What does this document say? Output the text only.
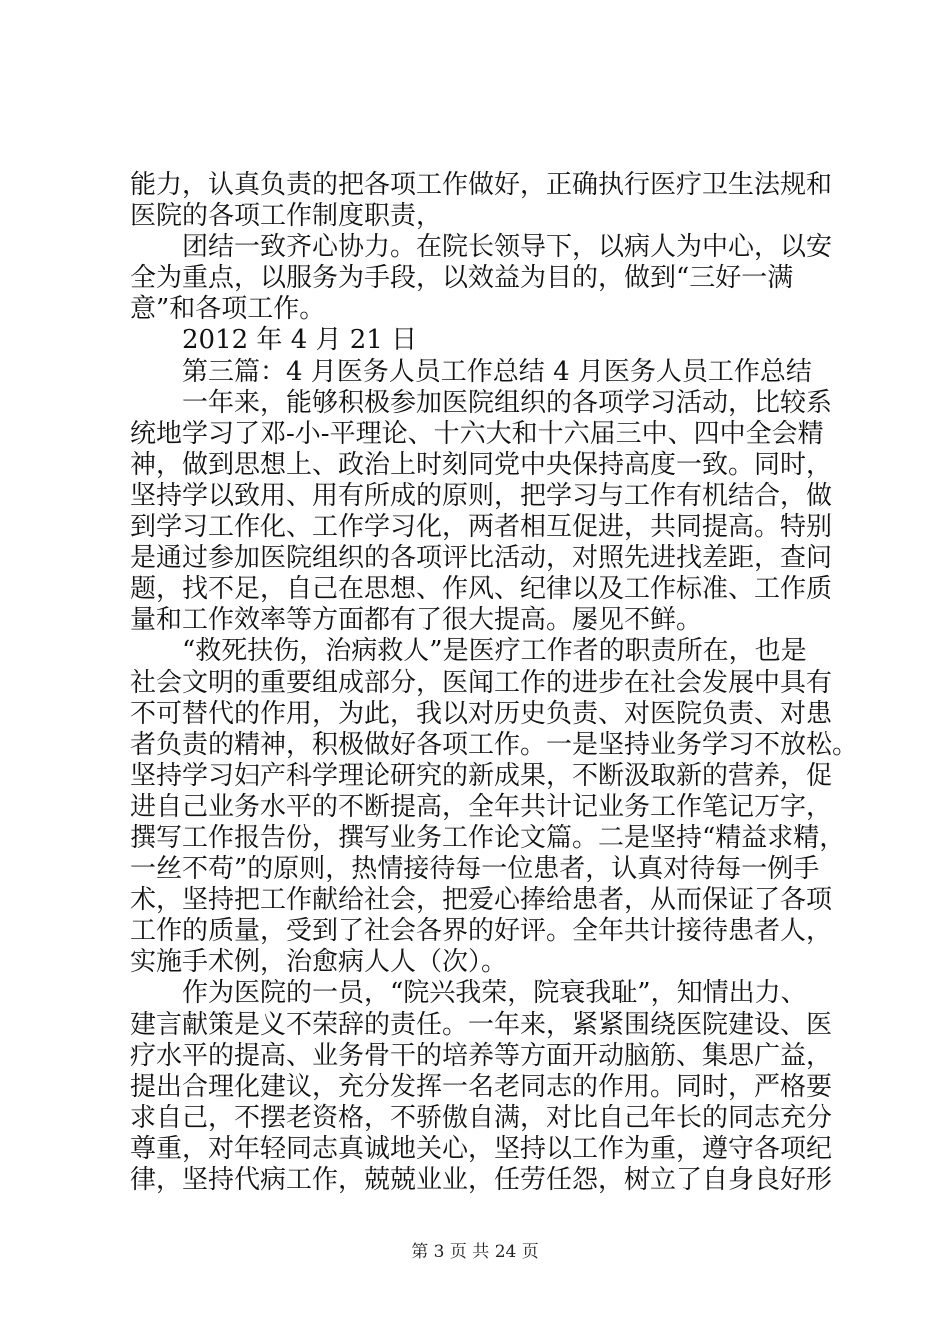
能力，认真负责的把各项工作做好，正确执行医疗卫生法规和
医院的各项工作制度职责，
团结一致齐心协力。在院长领导下，以病人为中心，以安
全为重点，以服务为手段，以效益为目的，做到“三好一满
意”和各项工作。
2012 年 4 月 21 日
第三篇：4 月医务人员工作总结 4 月医务人员工作总结
一年来，能够积极参加医院组织的各项学习活动，比较系
统地学习了邓-小-平理论、十六大和十六届三中、四中全会精
神，做到思想上、政治上时刻同党中央保持高度一致。同时，
坚持学以致用、用有所成的原则，把学习与工作有机结合，做
到学习工作化、工作学习化，两者相互促进，共同提高。特别
是通过参加医院组织的各项评比活动，对照先进找差距，查问
题，找不足，自己在思想、作风、纪律以及工作标准、工作质
量和工作效率等方面都有了很大提高。屡见不鲜。
“救死扶伤，治病救人”是医疗工作者的职责所在，也是
社会文明的重要组成部分，医闻工作的进步在社会发展中具有
不可替代的作用，为此，我以对历史负责、对医院负责、对患
者负责的精神，积极做好各项工作。一是坚持业务学习不放松。
坚持学习妇产科学理论研究的新成果，不断汲取新的营养，促
进自己业务水平的不断提高，全年共计记业务工作笔记万字，
撰写工作报告份，撰写业务工作论文篇。二是坚持“精益求精，
一丝不苟”的原则，热情接待每一位患者，认真对待每一例手
术，坚持把工作献给社会，把爱心捧给患者，从而保证了各项
工作的质量，受到了社会各界的好评。全年共计接待患者人，
实施手术例，治愈病人人（次）。
作为医院的一员，“院兴我荣，院衰我耻”，知情出力、
建言献策是义不荣辞的责任。一年来，紧紧围绕医院建设、医
疗水平的提高、业务骨干的培养等方面开动脑筋、集思广益，
提出合理化建议，充分发挥一名老同志的作用。同时，严格要
求自己，不摆老资格，不骄傲自满，对比自己年长的同志充分
尊重，对年轻同志真诚地关心，坚持以工作为重，遵守各项纪
律，坚持代病工作，兢兢业业，任劳任怨，树立了自身良好形
第 3 页 共 24 页
